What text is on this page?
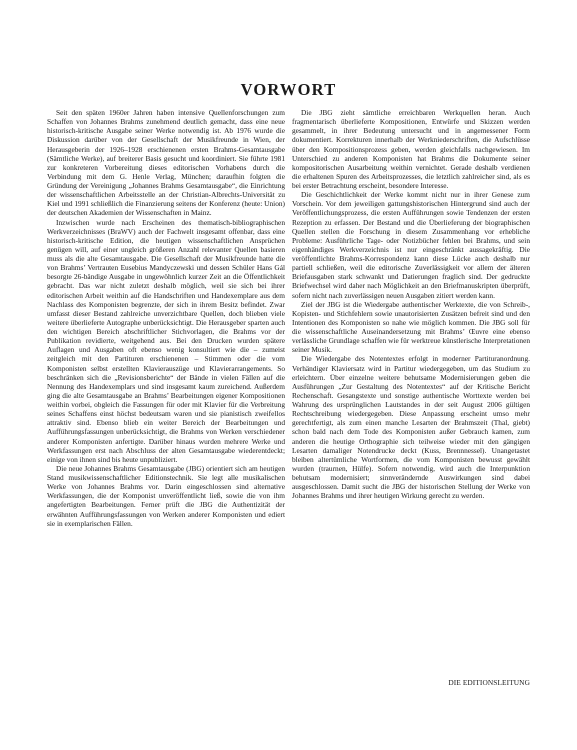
VORWORT

Seit den späten 1960er Jahren haben intensive Quellenforschungen zum Schaffen von Johannes Brahms zunehmend deutlich gemacht, dass eine neue historisch-kritische Ausgabe seiner Werke notwendig ist. Ab 1976 wurde die Diskussion darüber von der Gesellschaft der Musikfreunde in Wien, der Herausgeberin der 1926–1928 erschienenen ersten Brahms-Gesamtausgabe (Sämtliche Werke), auf breiterer Basis gesucht und koordiniert. Sie führte 1981 zur konkreteren Vorbereitung dieses editorischen Vorhabens durch die Verbindung mit dem G. Henle Verlag, München; daraufhin folgten die Gründung der Vereinigung „Johannes Brahms Gesamtausgabe“, die Einrichtung der wissenschaftlichen Arbeitsstelle an der Christian-Albrechts-Universität zu Kiel und 1991 schließlich die Finanzierung seitens der Konferenz (heute: Union) der deutschen Akademien der Wissenschaften in Mainz.

Inzwischen wurde nach Erscheinen des thematisch-bibliographischen Werkverzeichnisses (BraWV) auch der Fachwelt insgesamt offenbar, dass eine historisch-kritische Edition, die heutigen wissenschaftlichen Ansprüchen genügen will, auf einer ungleich größeren Anzahl relevanter Quellen basieren muss als die alte Gesamtausgabe. Die Gesellschaft der Musikfreunde hatte die von Brahms’ Vertrauten Eusebius Mandyczewski und dessen Schüler Hans Gál besorgte 26-bändige Ausgabe in ungewöhnlich kurzer Zeit an die Öffentlichkeit gebracht. Das war nicht zuletzt deshalb möglich, weil sie sich bei ihrer editorischen Arbeit weithin auf die Handschriften und Handexemplare aus dem Nachlass des Komponisten begrenzte, der sich in ihrem Besitz befindet. Zwar umfasst dieser Bestand zahlreiche unverzichtbare Quellen, doch blieben viele weitere überlieferte Autographe unberücksichtigt. Die Herausgeber sparten auch den wichtigen Bereich abschriftlicher Stichvorlagen, die Brahms vor der Publikation revidierte, weitgehend aus. Bei den Drucken wurden spätere Auflagen und Ausgaben oft ebenso wenig konsultiert wie die – zumeist zeitgleich mit den Partituren erschienenen – Stimmen oder die vom Komponisten selbst erstellten Klavierauszüge und Klavierarrangements. So beschränken sich die „Revisionsberichte“ der Bände in vielen Fällen auf die Nennung des Handexemplars und sind insgesamt kaum zureichend. Außerdem ging die alte Gesamtausgabe an Brahms’ Bearbeitungen eigener Kompositionen weithin vorbei, obgleich die Fassungen für oder mit Klavier für die Verbreitung seines Schaffens einst höchst bedeutsam waren und sie pianistisch zweifellos attraktiv sind. Ebenso blieb ein weiter Bereich der Bearbeitungen und Aufführungsfassungen unberücksichtigt, die Brahms von Werken verschiedener anderer Komponisten anfertigte. Darüber hinaus wurden mehrere Werke und Werkfassungen erst nach Abschluss der alten Gesamtausgabe wiederentdeckt; einige von ihnen sind bis heute unpubliziert.

Die neue Johannes Brahms Gesamtausgabe (JBG) orientiert sich am heutigen Stand musikwissenschaftlicher Editionstechnik. Sie legt alle musikalischen Werke von Johannes Brahms vor. Darin eingeschlossen sind alternative Werkfassungen, die der Komponist unveröffentlicht ließ, sowie die von ihm angefertigten Bearbeitungen. Ferner prüft die JBG die Authentizität der erwähnten Aufführungsfassungen von Werken anderer Komponisten und ediert sie in exemplarischen Fällen.

Die JBG zieht sämtliche erreichbaren Werkquellen heran. Auch fragmentarisch überlieferte Kompositionen, Entwürfe und Skizzen werden gesammelt, in ihrer Bedeutung untersucht und in angemessener Form dokumentiert. Korrekturen innerhalb der Werkniederschriften, die Aufschlüsse über den Kompositionsprozess geben, werden gleichfalls nachgewiesen. Im Unterschied zu anderen Komponisten hat Brahms die Dokumente seiner kompositorischen Ausarbeitung weithin vernichtet. Gerade deshalb verdienen die erhaltenen Spuren des Arbeitsprozesses, die letztlich zahlreicher sind, als es bei erster Betrachtung erscheint, besondere Interesse.

Die Geschichtlichkeit der Werke kommt nicht nur in ihrer Genese zum Vorschein. Vor dem jeweiligen gattungshistorischen Hintergrund sind auch der Veröffentlichungsprozess, die ersten Aufführungen sowie Tendenzen der ersten Rezeption zu erfassen. Der Bestand und die Überlieferung der biographischen Quellen stellen die Forschung in diesem Zusammenhang vor erhebliche Probleme: Ausführliche Tage- oder Notizbücher fehlen bei Brahms, und sein eigenhändiges Werkverzeichnis ist nur eingeschränkt aussagekräftig. Die veröffentlichte Brahms-Korrespondenz kann diese Lücke auch deshalb nur partiell schließen, weil die editorische Zuverlässigkeit vor allem der älteren Briefausgaben stark schwankt und Datierungen fraglich sind. Der gedruckte Briefwechsel wird daher nach Möglichkeit an den Briefmanuskripten überprüft, sofern nicht nach zuverlässigen neuen Ausgaben zitiert werden kann.

Ziel der JBG ist die Wiedergabe authentischer Werktexte, die von Schreib-, Kopisten- und Stichfehlern sowie unautorisierten Zusätzen befreit sind und den Intentionen des Komponisten so nahe wie möglich kommen. Die JBG soll für die wissenschaftliche Auseinandersetzung mit Brahms’ Œuvre eine ebenso verlässliche Grundlage schaffen wie für werktreue künstlerische Interpretationen seiner Musik.

Die Wiedergabe des Notentextes erfolgt in moderner Partituranordnung. Verhändiger Klaviersatz wird in Partitur wiedergegeben, um das Studium zu erleichtern. Über einzelne weitere behutsame Modernisierungen geben die Ausführungen „Zur Gestaltung des Notentextes“ auf der Kritische Bericht Rechenschaft. Gesangstexte und sonstige authentische Worttexte werden bei Wahrung des ursprünglichen Lautstandes in der seit August 2006 gültigen Rechtschreibung wiedergegeben. Diese Anpassung erscheint umso mehr gerechtfertigt, als zum einen manche Lesarten der Brahmszeit (Thal, giebt) schon bald nach dem Tode des Komponisten außer Gebrauch kamen, zum anderen die heutige Orthographie sich teilweise wieder mit den gängigen Lesarten damaliger Notendrucke deckt (Kuss, Brennnessel). Unangetastet bleiben altertümliche Wortformen, die vom Komponisten bewusst gewählt wurden (traurnen, Hülfe). Sofern notwendig, wird auch die Interpunktion behutsam modernisiert; sinnverändernde Auswirkungen sind dabei ausgeschlossen. Damit sucht die JBG der historischen Stellung der Werke von Johannes Brahms und ihrer heutigen Wirkung gerecht zu werden.

DIE EDITIONSLEITUNG
